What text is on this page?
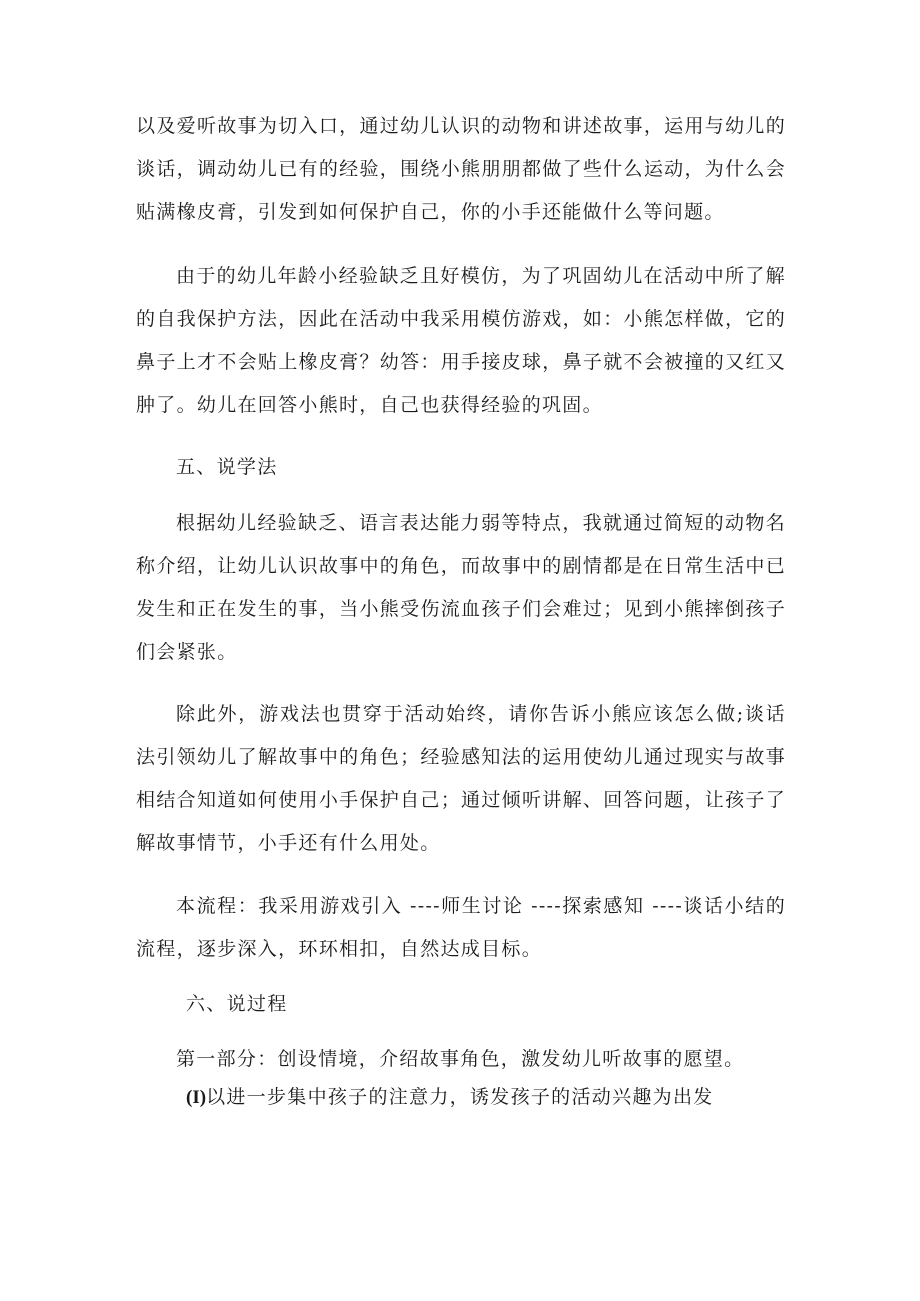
以及爱听故事为切入口，通过幼儿认识的动物和讲述故事，运用与幼儿的谈话，调动幼儿已有的经验，围绕小熊朋朋都做了些什么运动，为什么会贴满橡皮膏，引发到如何保护自己，你的小手还能做什么等问题。

由于的幼儿年龄小经验缺乏且好模仿，为了巩固幼儿在活动中所了解的自我保护方法，因此在活动中我采用模仿游戏，如：小熊怎样做，它的鼻子上才不会贴上橡皮膏？幼答：用手接皮球，鼻子就不会被撞的又红又肿了。幼儿在回答小熊时，自己也获得经验的巩固。

五、说学法

根据幼儿经验缺乏、语言表达能力弱等特点，我就通过简短的动物名称介绍，让幼儿认识故事中的角色，而故事中的剧情都是在日常生活中已发生和正在发生的事，当小熊受伤流血孩子们会难过；见到小熊摔倒孩子们会紧张。

除此外，游戏法也贯穿于活动始终，请你告诉小熊应该怎么做;谈话法引领幼儿了解故事中的角色；经验感知法的运用使幼儿通过现实与故事相结合知道如何使用小手保护自己；通过倾听讲解、回答问题，让孩子了解故事情节，小手还有什么用处。

本流程：我采用游戏引入 ----师生讨论 ----探索感知 ----谈话小结的流程，逐步深入，环环相扣，自然达成目标。

六、说过程

第一部分：创设情境，介绍故事角色，激发幼儿听故事的愿望。

(I)以进一步集中孩子的注意力，诱发孩子的活动兴趣为出发
